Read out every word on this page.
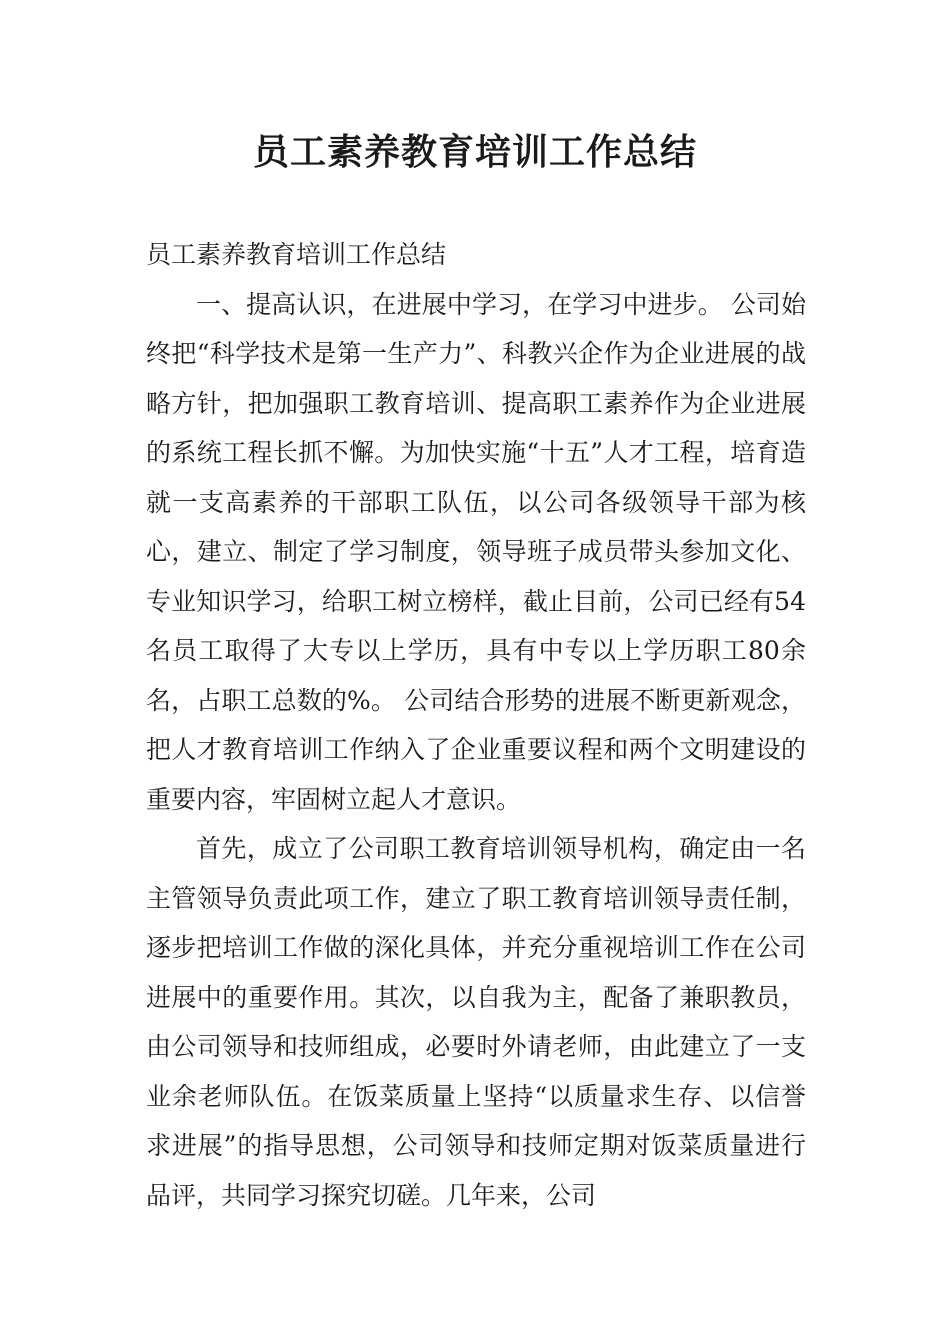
员工素养教育培训工作总结

员工素养教育培训工作总结

一、提高认识，在进展中学习，在学习中进步。 公司始终把“科学技术是第一生产力”、科教兴企作为企业进展的战略方针，把加强职工教育培训、提高职工素养作为企业进展的系统工程长抓不懈。为加快实施“十五”人才工程，培育造就一支高素养的干部职工队伍，以公司各级领导干部为核心，建立、制定了学习制度，领导班子成员带头参加文化、专业知识学习，给职工树立榜样，截止目前，公司已经有54名员工取得了大专以上学历，具有中专以上学历职工80余名，占职工总数的%。 公司结合形势的进展不断更新观念，把人才教育培训工作纳入了企业重要议程和两个文明建设的重要内容，牢固树立起人才意识。

首先，成立了公司职工教育培训领导机构，确定由一名主管领导负责此项工作，建立了职工教育培训领导责任制，逐步把培训工作做的深化具体，并充分重视培训工作在公司进展中的重要作用。其次，以自我为主，配备了兼职教员，由公司领导和技师组成，必要时外请老师，由此建立了一支业余老师队伍。在饭菜质量上坚持“以质量求生存、以信誉求进展”的指导思想，公司领导和技师定期对饭菜质量进行品评，共同学习探究切磋。几年来，公司
